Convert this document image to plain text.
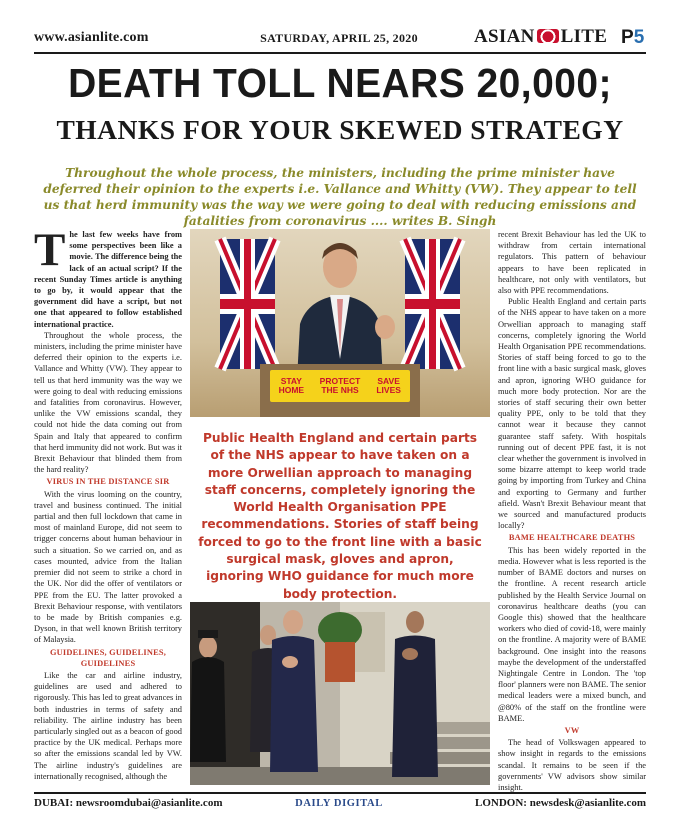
www.asianlite.com	SATURDAY, APRIL 25, 2020	ASIAN LITE P5
DEATH TOLL NEARS 20,000;
THANKS FOR YOUR SKEWED STRATEGY
Throughout the whole process, the ministers, including the prime minister have deferred their opinion to the experts i.e. Vallance and Whitty (VW). They appear to tell us that herd immunity was the way we were going to deal with reducing emissions and fatalities from coronavirus .... writes B. Singh

The last few weeks have from some perspectives been like a movie. The difference being the lack of an actual script? If the recent Sunday Times article is anything to go by, it would appear that the government did have a script, but not one that appeared to follow established international practice.

Throughout the whole process, the ministers, including the prime minister have deferred their opinion to the experts i.e. Vallance and Whitty (VW). They appear to tell us that herd immunity was the way we were going to deal with reducing emissions and fatalities from coronavirus. However, unlike the VW emissions scandal, they could not hide the data coming out from Spain and Italy that appeared to confirm that herd immunity did not work. But was it Brexit Behaviour that blinded them from the hard reality?

VIRUS IN THE DISTANCE SIR

With the virus looming on the country, travel and business continued. The initial partial and then full lockdown that came in most of mainland Europe, did not seem to trigger concerns about human behaviour in such a situation. So we carried on, and as cases mounted, advice from the Italian premier did not seem to strike a chord in the UK. Nor did the offer of ventilators or PPE from the EU. The latter provoked a Brexit Behaviour response, with ventilators to be made by British companies e.g. Dyson, in that well known British territory of Malaysia.

GUIDELINES, GUIDELINES, GUIDELINES

Like the car and airline industry, guidelines are used and adhered to rigorously. This has led to great advances in both industries in terms of safety and reliability. The airline industry has been particularly singled out as a beacon of good practice by the UK medical. Perhaps more so after the emissions scandal led by VW. The airline industry's guidelines are internationally recognised, although the

STAY HOME
PROTECT THE NHS
SAVE LIVES
Public Health England and certain parts of the NHS appear to have taken on a more Orwellian approach to managing staff concerns, completely ignoring the World Health Organisation PPE recommendations. Stories of staff being forced to go to the front line with a basic surgical mask, gloves and apron, ignoring WHO guidance for much more body protection.

recent Brexit Behaviour has led the UK to withdraw from certain international regulators. This pattern of behaviour appears to have been replicated in healthcare, not only with ventilators, but also with PPE recommendations.

Public Health England and certain parts of the NHS appear to have taken on a more Orwellian approach to managing staff concerns, completely ignoring the World Health Organisation PPE recommendations. Stories of staff being forced to go to the front line with a basic surgical mask, gloves and apron, ignoring WHO guidance for much more body protection. Nor are the stories of staff securing their own better quality PPE, only to be told that they cannot wear it because they cannot guarantee staff safety. With hospitals running out of decent PPE fast, it is not clear whether the government is involved in some bizarre attempt to keep world trade going by importing from Turkey and China and exporting to Germany and further afield. Wasn't Brexit Behaviour meant that we sourced and manufactured products locally?

BAME HEALTHCARE DEATHS

This has been widely reported in the media. However what is less reported is the number of BAME doctors and nurses on the frontline. A recent research article published by the Health Service Journal on coronavirus healthcare deaths (you can Google this) showed that the healthcare workers who died of covid-18, were mainly on the frontline. A majority were of BAME background. One insight into the reasons maybe the development of the understaffed Nightingale Centre in London. The 'top floor' planners were non BAME. The senior medical leaders were a mixed bunch, and @80% of the staff on the frontline were BAME.

VW

The head of Volkswagen appeared to show insight in regards to the emissions scandal. It remains to be seen if the governments' VW advisors show similar insight.

DUBAI: newsroomdubai@asianlite.com	DAILY DIGITAL	LONDON: newsdesk@asianlite.com
